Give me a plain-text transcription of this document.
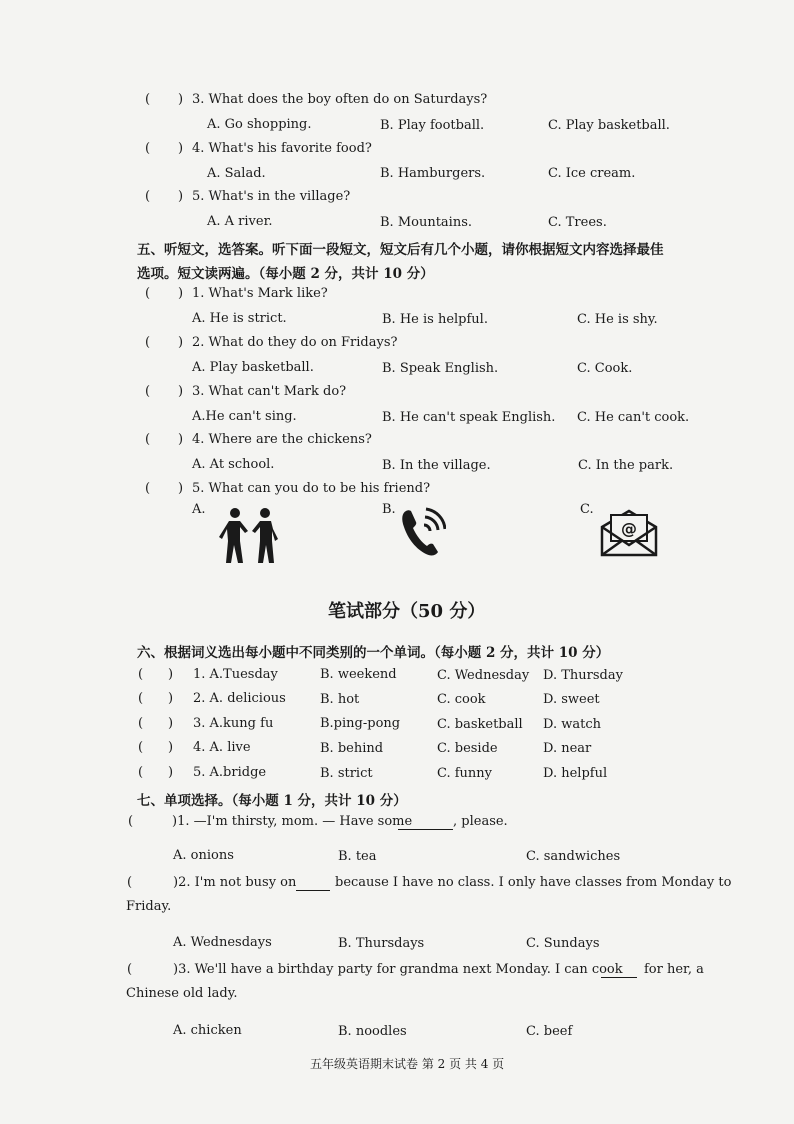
( ) 3. What does the boy often do on Saturdays?
A. Go shopping.	B. Play football.	C. Play basketball.
( ) 4. What's his favorite food?
A. Salad.	B. Hamburgers.	C. Ice cream.
( ) 5. What's in the village?
A. A river.	B. Mountains.	C. Trees.
五、听短文，选答案。听下面一段短文，短文后有几个小题，请你根据短文内容选择最佳
选项。短文读两遍。（每小题 2 分，共计 10 分）
( ) 1. What's Mark like?
A. He is strict.	B. He is helpful.	C. He is shy.
( ) 2. What do they do on Fridays?
A. Play basketball.	B. Speak English.	C. Cook.
( ) 3. What can't Mark do?
A.He can't sing.	B. He can't speak English. C. He can't cook.
( ) 4. Where are the chickens?
A. At school.	B. In the village.	C. In the park.
( ) 5. What can you do to be his friend?
A.	B.	C.
@
笔试部分（50 分）
六、根据词义选出每小题中不同类别的一个单词。（每小题 2 分，共计 10 分）
( ) 1. A.Tuesday	B. weekend	C. Wednesday D. Thursday
( ) 2. A. delicious	B. hot	C. cook	D. sweet
( ) 3. A.kung fu	B.ping-pong	C. basketball D. watch
( ) 4. A. live	B. behind	C. beside	D. near
( ) 5. A.bridge	B. strict	C. funny	D. helpful
七、单项选择。（每小题 1 分，共计 10 分）
(	)1. —I'm thirsty, mom. — Have some	, please.
A. onions	B. tea	C. sandwiches
(	)2. I'm not busy on	because I have no class. I only have classes from Monday to
Friday.
A. Wednesdays	B. Thursdays	C. Sundays
(	)3. We'll have a birthday party for grandma next Monday. I can cook for her, a
Chinese old lady.
A. chicken	B. noodles	C. beef
五年级英语期末试卷 第 2 页 共 4 页
